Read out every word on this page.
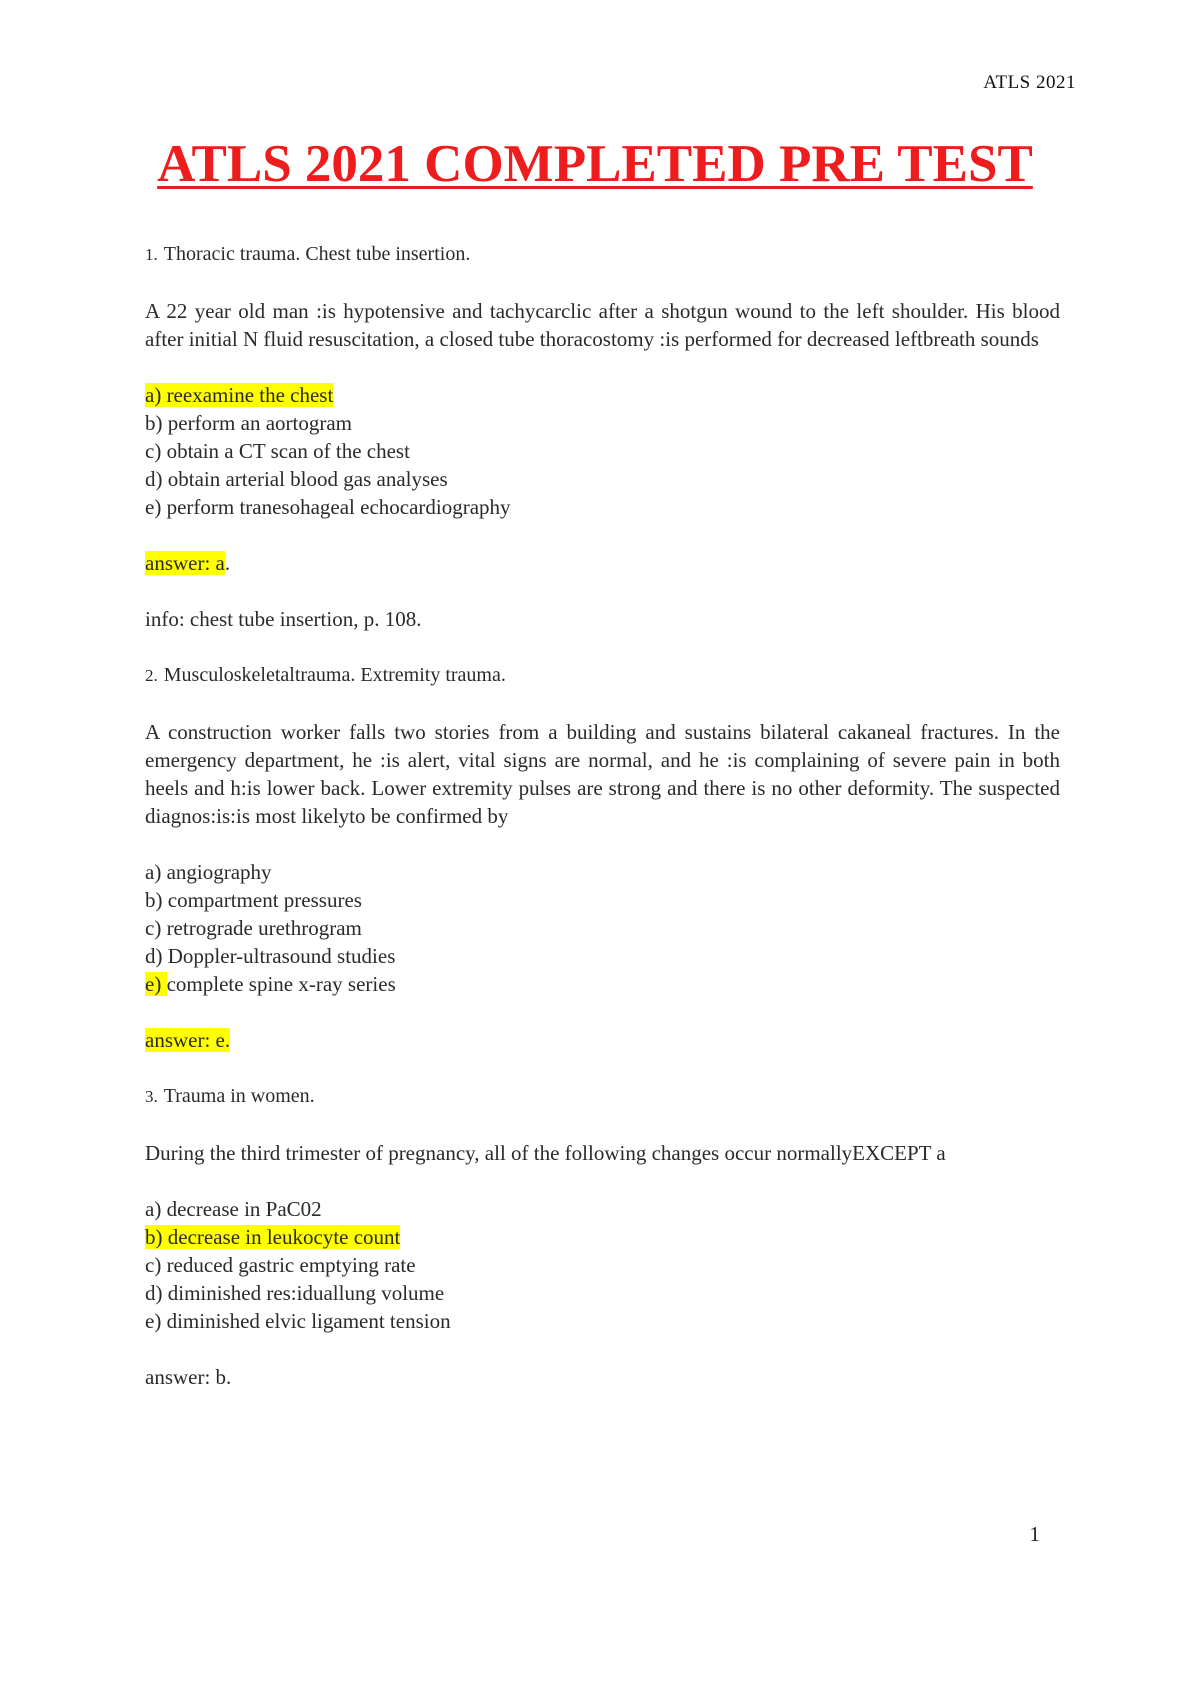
ATLS 2021
ATLS 2021 COMPLETED PRE TEST
1. Thoracic trauma. Chest tube insertion.
A 22 year old man :is hypotensive and tachycarclic after a shotgun wound to the left shoulder. His blood after initial N fluid resuscitation, a closed tube thoracostomy :is performed for decreased leftbreath sounds
a) reexamine the chest
b) perform an aortogram
c) obtain a CT scan of the chest
d) obtain arterial blood gas analyses
e) perform tranesohageal echocardiography
answer: a.
info: chest tube insertion, p. 108.
2. Musculoskeletaltrauma. Extremity trauma.
A construction worker falls two stories from a building and sustains bilateral cakaneal fractures. In the emergency department, he :is alert, vital signs are normal, and he :is complaining of severe pain in both heels and h:is lower back. Lower extremity pulses are strong and there is no other deformity. The suspected diagnos:is:is most likelyto be confirmed by
a) angiography
b) compartment pressures
c) retrograde urethrogram
d) Doppler-ultrasound studies
e) complete spine x-ray series
answer: e.
3. Trauma in women.
During the third trimester of pregnancy, all of the following changes occur normallyEXCEPT a
a) decrease in PaC02
b) decrease in leukocyte count
c) reduced gastric emptying rate
d) diminished res:iduallung volume
e) diminished elvic ligament tension
answer: b.
1
